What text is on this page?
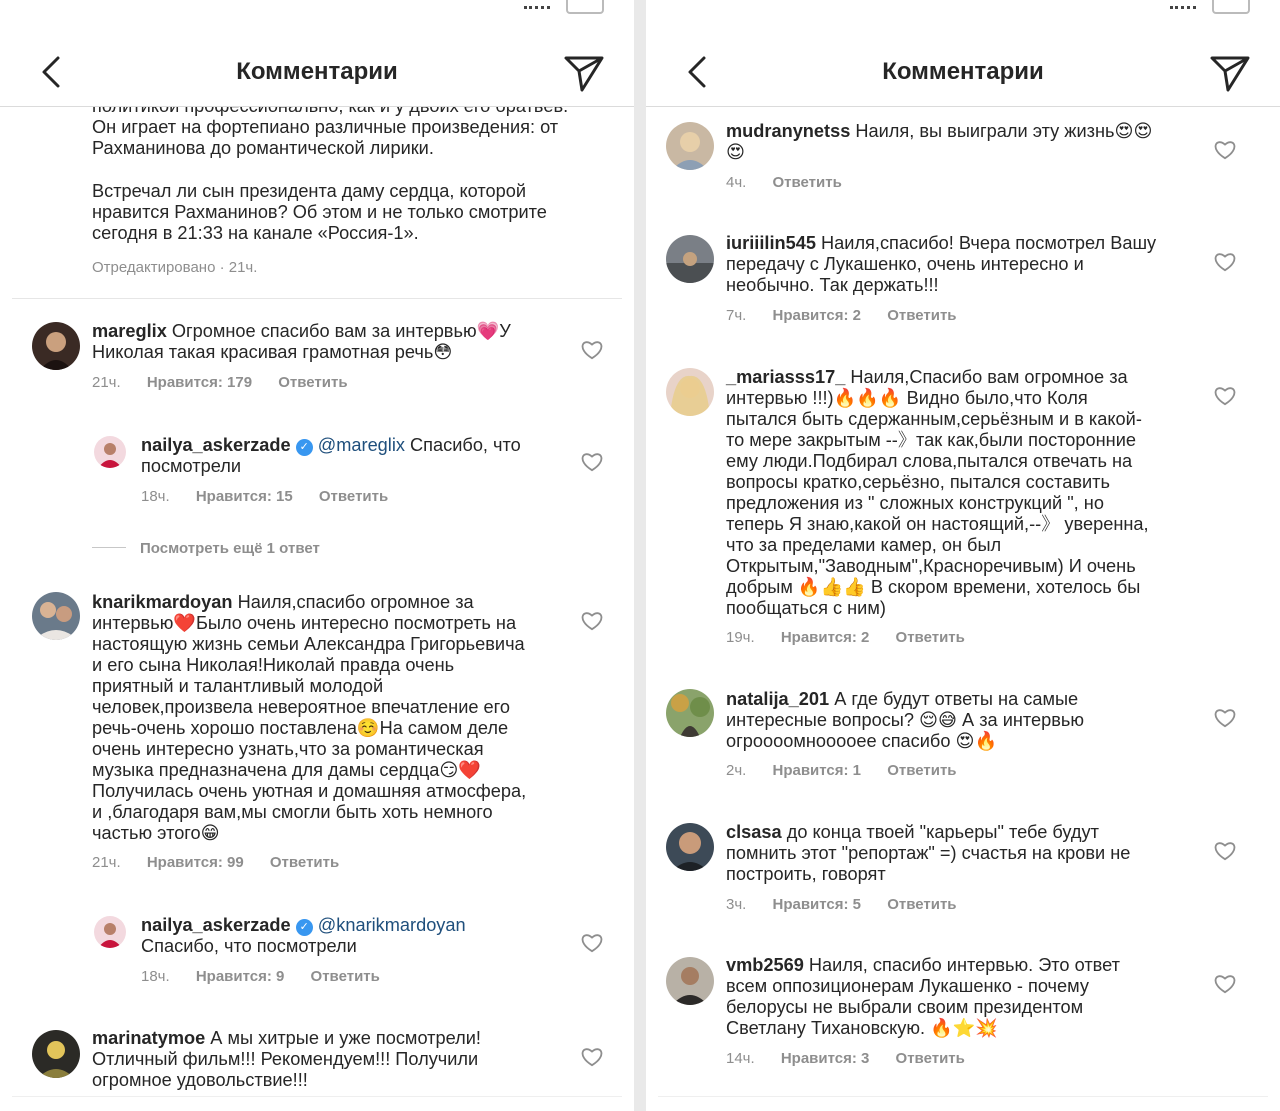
Он играет на фортепиано различные произведения: от
Рахманинова до романтической лирики.
Встречал ли сын президента даму сердца, которой
нравится Рахманинов? Об этом и не только смотрите
сегодня в 21:33 на канале «Россия-1».
Отредактировано · 21ч.
mareglix Огромное спасибо вам за интервью💗У
Николая такая красивая грамотная речь😳
21ч. Нравится: 179 Ответить
nailya_askerzade ✓ @mareglix Спасибо, что
посмотрели
18ч. Нравится: 15 Ответить
Посмотреть ещё 1 ответ
knarikmardoyan Наиля,спасибо огромное за
интервью❤️Было очень интересно посмотреть на
настоящую жизнь семьи Александра Григорьевича
и его сына Николая!Николай правда очень
приятный и талантливый молодой
человек,произвела невероятное впечатление его
речь-очень хорошо поставлена☺️На самом деле
очень интересно узнать,что за романтическая
музыка предназначена для дамы сердца😏❤️
Получилась очень уютная и домашняя атмосфера,
и ,благодаря вам,мы смогли быть хоть немного
частью этого😁
21ч. Нравится: 99 Ответить
nailya_askerzade ✓ @knarikmardoyan
Спасибо, что посмотрели
18ч. Нравится: 9 Ответить
marinatymoe А мы хитрые и уже посмотрели!
Отличный фильм!!! Рекомендуем!!! Получили
огромное удовольствие!!!
Комментарии
mudranynetss Наиля, вы выиграли эту жизнь😍😍
😍
4ч. Ответить
iuriiilin545 Наиля,спасибо! Вчера посмотрел Вашу
передачу с Лукашенко, очень интересно и
необычно. Так держать!!!
7ч. Нравится: 2 Ответить
_mariasss17_ Наиля,Спасибо вам огромное за
интервью !!!)🔥🔥🔥 Видно было,что Коля
пытался быть сдержанным,серьёзным и в какой-
то мере закрытым --》так как,были посторонние
ему люди.Подбирал слова,пытался отвечать на
вопросы кратко,серьёзно, пытался составить
предложения из " сложных конструкций ", но
теперь Я знаю,какой он настоящий,--》 уверенна,
что за пределами камер, он был
Открытым,"Заводным",Красноречивым) И очень
добрым 🔥👍👍 В скором времени, хотелось бы
пообщаться с ним)
19ч. Нравится: 2 Ответить
natalija_201 А где будут ответы на самые
интересные вопросы? 😌😅 А за интервью
огроооомнооооее спасибо 😍🔥
2ч. Нравится: 1 Ответить
clsasa до конца твоей "карьеры" тебе будут
помнить этот "репортаж" =) счастья на крови не
построить, говорят
3ч. Нравится: 5 Ответить
vmb2569 Наиля, спасибо интервью. Это ответ
всем оппозиционерам Лукашенко - почему
белорусы не выбрали своим президентом
Светлану Тихановскую. 🔥⭐💥
14ч. Нравится: 3 Ответить
Комментарии
